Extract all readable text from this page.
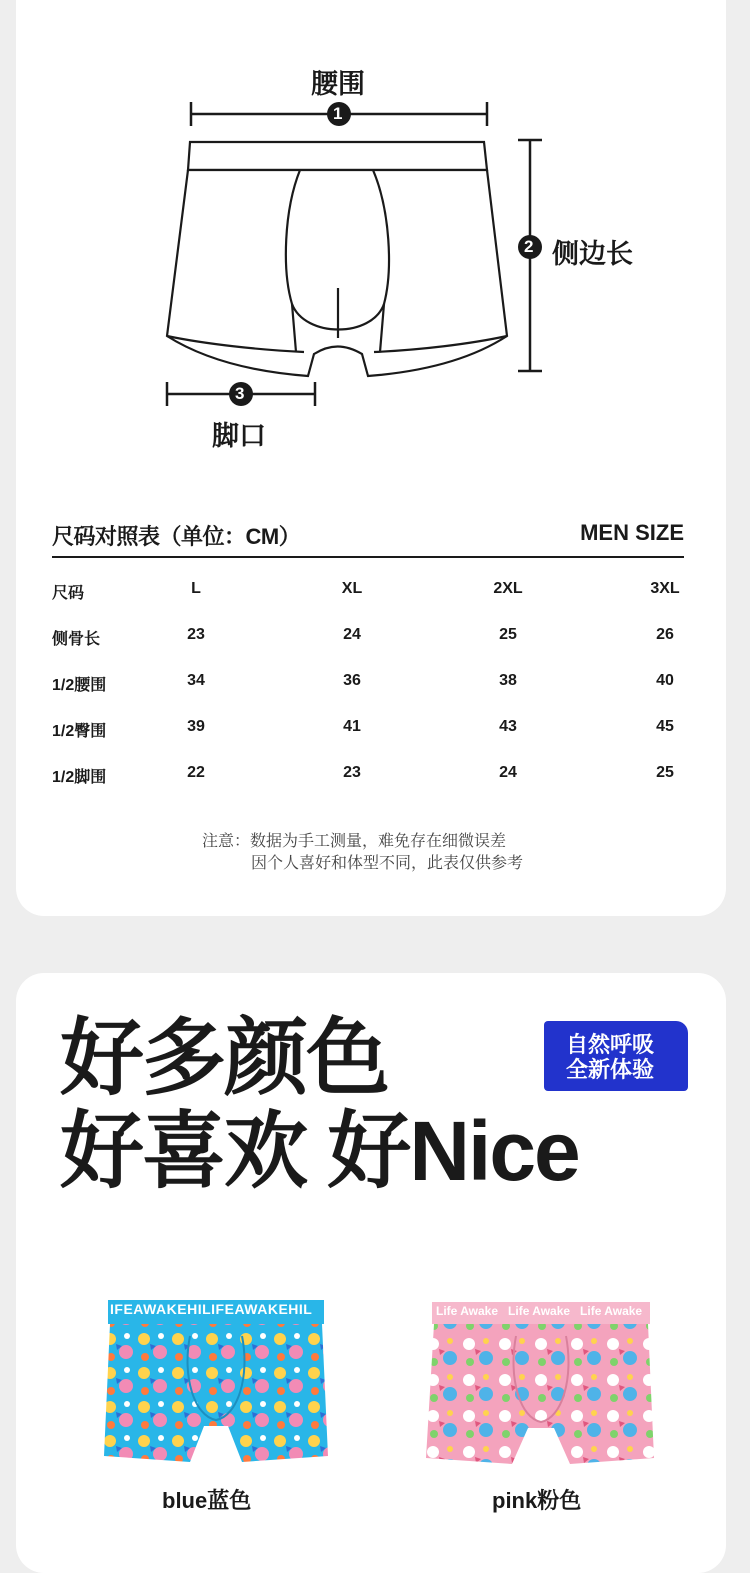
1
2
3
腰围
侧边长
脚口
尺码对照表（单位：CM）	MEN SIZE
尺码	L	XL	2XL	3XL
侧骨长	23	24	25	26
1/2腰围	34	36	38	40
1/2臀围	39	41	43	45
1/2脚围	22	23	24	25
注意：数据为手工测量，难免存在细微误差
因个人喜好和体型不同，此表仅供参考
好多颜色
好喜欢 好Nice
自然呼吸
全新体验
IFEAWAKEHILIFEAWAKEHIL	Life Awake   Life Awake   Life Awake
blue蓝色	pink粉色
